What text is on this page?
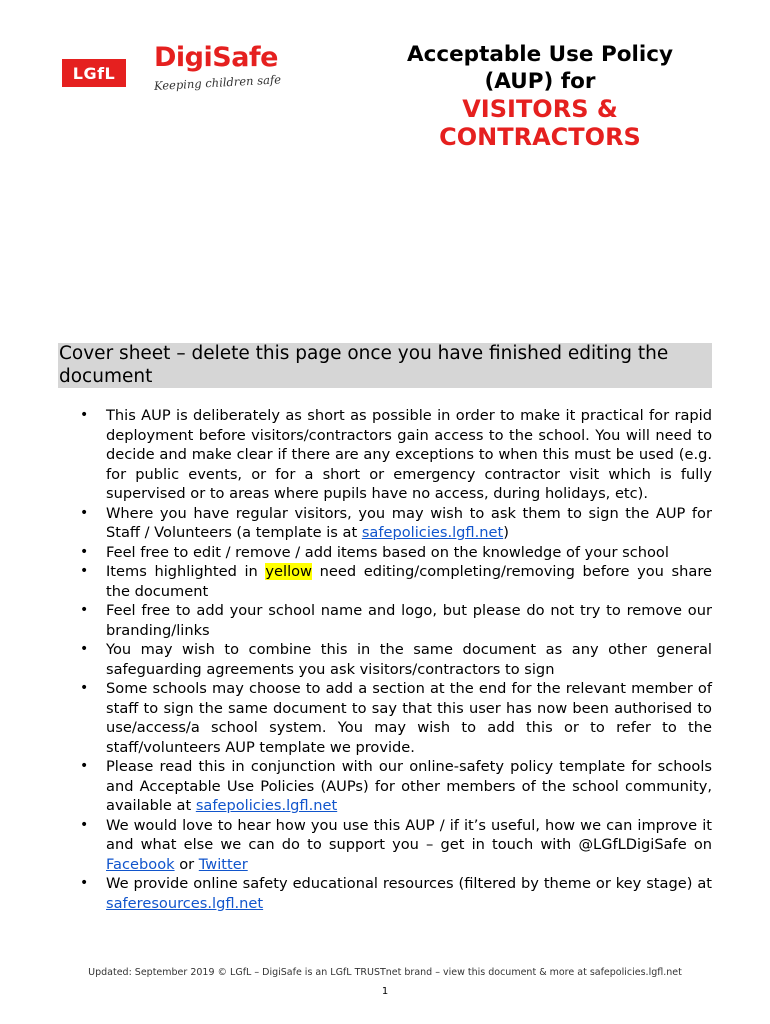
LGfL	DigiSafe
Keeping children safe
Acceptable Use Policy
(AUP) for
VISITORS &
CONTRACTORS
Cover sheet – delete this page once you have finished editing the document
• This AUP is deliberately as short as possible in order to make it practical for rapid deployment before visitors/contractors gain access to the school. You will need to decide and make clear if there are any exceptions to when this must be used (e.g. for public events, or for a short or emergency contractor visit which is fully supervised or to areas where pupils have no access, during holidays, etc).
• Where you have regular visitors, you may wish to ask them to sign the AUP for Staff / Volunteers (a template is at safepolicies.lgfl.net)
• Feel free to edit / remove / add items based on the knowledge of your school
• Items highlighted in yellow need editing/completing/removing before you share the document
• Feel free to add your school name and logo, but please do not try to remove our branding/links
• You may wish to combine this in the same document as any other general safeguarding agreements you ask visitors/contractors to sign
• Some schools may choose to add a section at the end for the relevant member of staff to sign the same document to say that this user has now been authorised to use/access/a school system. You may wish to add this or to refer to the staff/volunteers AUP template we provide.
• Please read this in conjunction with our online-safety policy template for schools and Acceptable Use Policies (AUPs) for other members of the school community, available at safepolicies.lgfl.net
• We would love to hear how you use this AUP / if it’s useful, how we can improve it and what else we can do to support you – get in touch with @LGfLDigiSafe on Facebook or Twitter
• We provide online safety educational resources (filtered by theme or key stage) at saferesources.lgfl.net
Updated: September 2019 © LGfL – DigiSafe is an LGfL TRUSTnet brand – view this document & more at safepolicies.lgfl.net
1
